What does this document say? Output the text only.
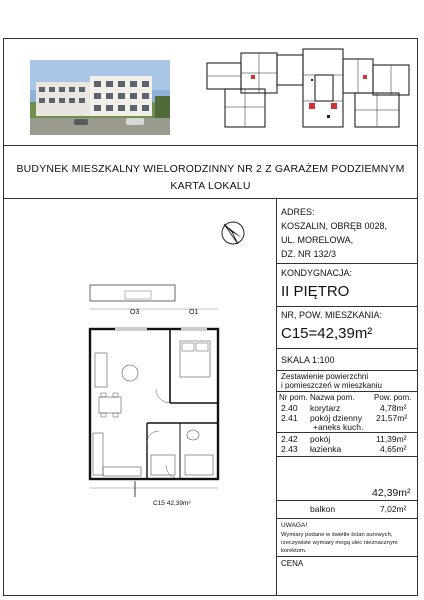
BUDYNEK MIESZKALNY WIELORODZINNY NR 2 Z GARAŻEM PODZIEMNYM
KARTA LOKALU
ADRES:
KOSZALIN, OBRĘB 0028,
UL. MORELOWA,
DZ. NR 132/3
KONDYGNACJA:
II PIĘTRO
NR, POW. MIESZKANIA:
C15=42,39m²
SKALA 1:100
Zestawienie powierzchni
i pomieszczeń w mieszkaniu
Nr pom. Nazwa pom. Pow. pom.
2.40 korytarz	4,78m²
2.41 pokój dzienny 21,57m²
+aneks kuch.
2.42 pokój	11,39m²
2.43 łazienka	4,65m²
42,39m²
balkon	7,02m²
UWAGA!
Wymiary podane w świetle ścian surowych, rzeczywiste wymiary mogą ulec nieznacznym korektom.
CENA
O3	O1
C15 42,39m²
